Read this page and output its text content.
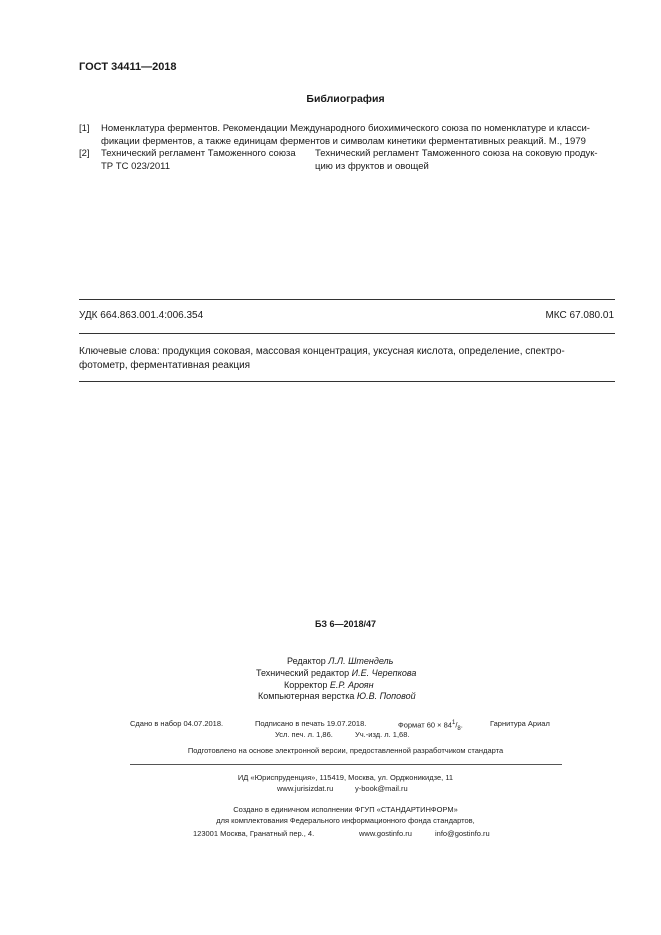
ГОСТ 34411—2018
Библиография
[1] Номенклатура ферментов. Рекомендации Международного биохимического союза по номенклатуре и класси-
фикации ферментов, а также единицам ферментов и символам кинетики ферментативных реакций. М., 1979
[2] Технический регламент Таможенного союза
ТР ТС 023/2011
Технический регламент Таможенного союза на соковую продук-
цию из фруктов и овощей
УДК 664.863.001.4:006.354	МКС 67.080.01
Ключевые слова: продукция соковая, массовая концентрация, уксусная кислота, определение, спектро-
фотометр, ферментативная реакция
БЗ 6—2018/47
Редактор Л.Л. Штендель
Технический редактор И.Е. Черепкова
Корректор Е.Р. Ароян
Компьютерная верстка Ю.В. Поповой
Сдано в набор 04.07.2018.	Подписано в печать 19.07.2018.	Формат $60 \times 84^1/_8$.	Гарнитура Ариал
Усл. печ. л. 1,86.	Уч.-изд. л. 1,68.
Подготовлено на основе электронной версии, предоставленной разработчиком стандарта
ИД «Юриспруденция», 115419, Москва, ул. Орджоникидзе, 11
www.jurisizdat.ru	y-book@mail.ru
Создано в единичном исполнении ФГУП «СТАНДАРТИНФОРМ»
для комплектования Федерального информационного фонда стандартов,
123001 Москва, Гранатный пер., 4.	www.gostinfo.ru	info@gostinfo.ru
